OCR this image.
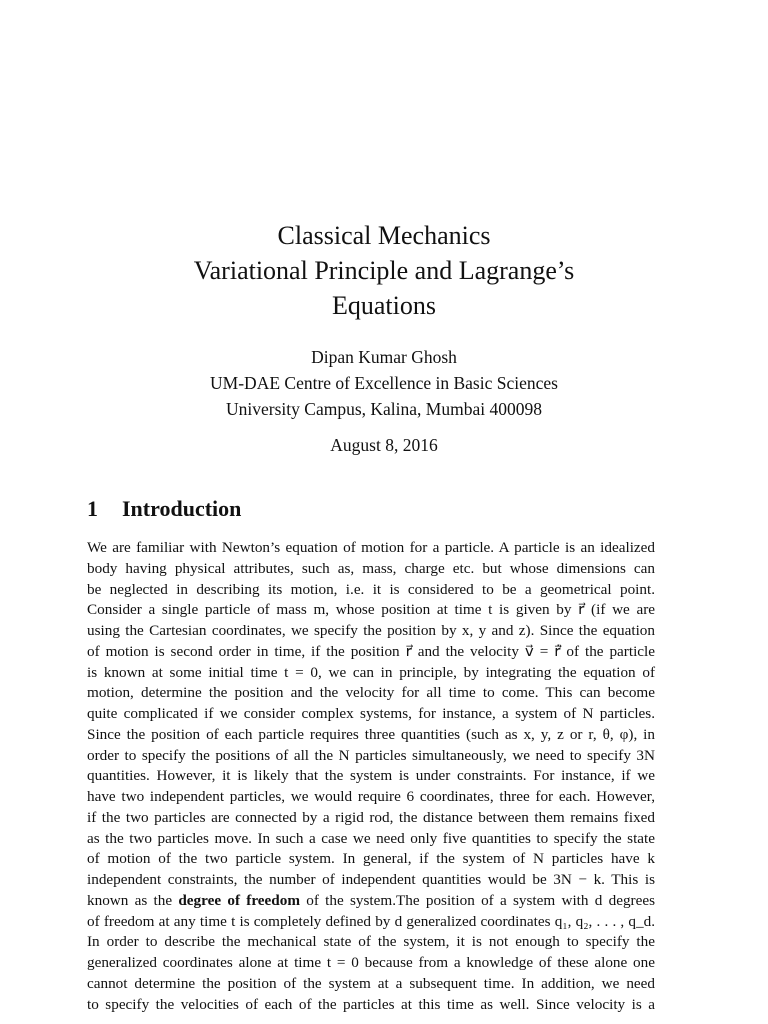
Classical Mechanics
Variational Principle and Lagrange’s
Equations
Dipan Kumar Ghosh
UM-DAE Centre of Excellence in Basic Sciences
University Campus, Kalina, Mumbai 400098
August 8, 2016
1 Introduction
We are familiar with Newton’s equation of motion for a particle. A particle is an idealized
body having physical attributes, such as, mass, charge etc. but whose dimensions can
be neglected in describing its motion, i.e. it is considered to be a geometrical point.
Consider a single particle of mass m, whose position at time t is given by r⃗ (if we are
using the Cartesian coordinates, we specify the position by x, y and z). Since the equation
of motion is second order in time, if the position r⃗ and the velocity v⃗ = r⃗̇ of the particle
is known at some initial time t = 0, we can in principle, by integrating the equation of
motion, determine the position and the velocity for all time to come. This can become
quite complicated if we consider complex systems, for instance, a system of N particles.
Since the position of each particle requires three quantities (such as x, y, z or r, θ, φ), in
order to specify the positions of all the N particles simultaneously, we need to specify 3N
quantities. However, it is likely that the system is under constraints. For instance, if we
have two independent particles, we would require 6 coordinates, three for each. However,
if the two particles are connected by a rigid rod, the distance between them remains fixed
as the two particles move. In such a case we need only five quantities to specify the state
of motion of the two particle system. In general, if the system of N particles have k
independent constraints, the number of independent quantities would be 3N − k. This is
known as the degree of freedom of the system.The position of a system with d degrees
of freedom at any time t is completely defined by d generalized coordinates q₁, q₂, . . . , q_d.
In order to describe the mechanical state of the system, it is not enough to specify the
generalized coordinates alone at time t = 0 because from a knowledge of these alone one
cannot determine the position of the system at a subsequent time. In addition, we need
to specify the velocities of each of the particles at this time as well. Since velocity is a
